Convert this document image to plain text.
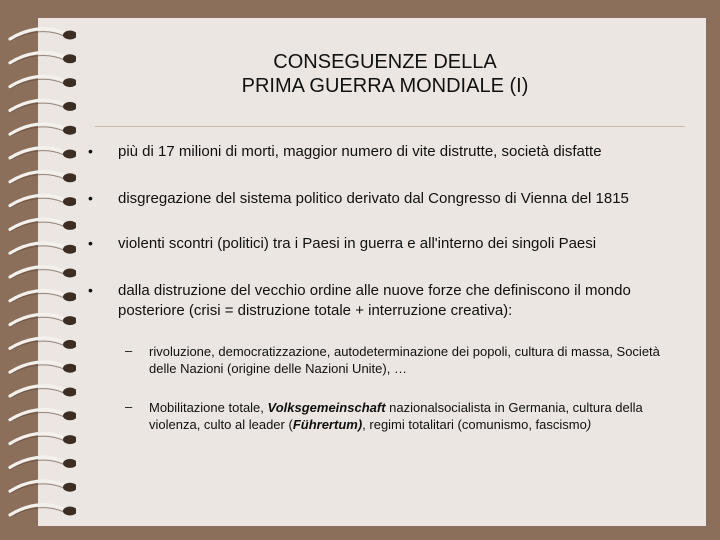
CONSEGUENZE DELLA
PRIMA GUERRA MONDIALE (I)
• più di 17 milioni di morti, maggior numero di vite distrutte, società disfatte
• disgregazione del sistema politico derivato dal Congresso di Vienna del 1815
• violenti scontri (politici) tra i Paesi in guerra e all'interno dei singoli Paesi
• dalla distruzione del vecchio ordine alle nuove forze che definiscono il mondo posteriore (crisi = distruzione totale + interruzione creativa):
– rivoluzione, democratizzazione, autodeterminazione dei popoli, cultura di massa, Società delle Nazioni (origine delle Nazioni Unite), …
– Mobilitazione totale, Volksgemeinschaft nazionalsocialista in Germania, cultura della violenza, culto al leader (Führertum), regimi totalitari (comunismo, fascismo)
